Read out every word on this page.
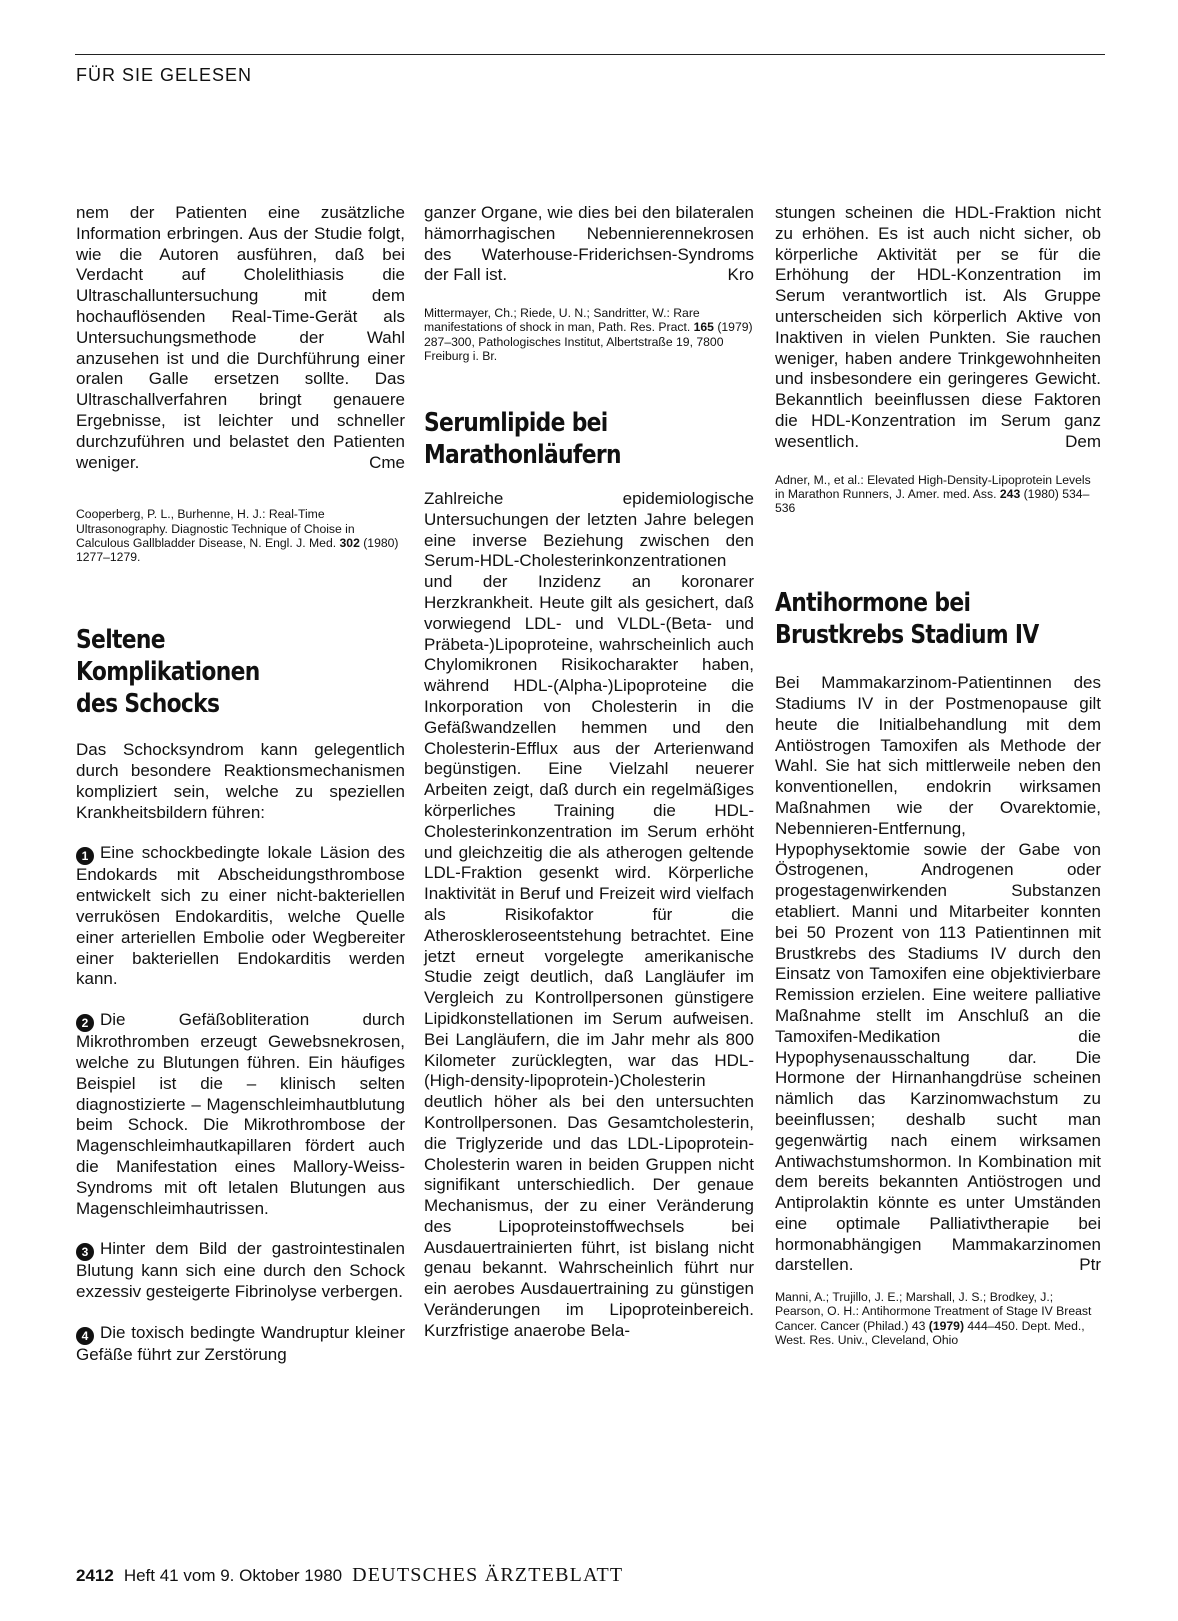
FÜR SIE GELESEN

nem der Patienten eine zusätzliche Information erbringen. Aus der Studie folgt, wie die Autoren ausführen, daß bei Verdacht auf Cholelithiasis die Ultraschalluntersuchung mit dem hochauflösenden Real-Time-Gerät als Untersuchungsmethode der Wahl anzusehen ist und die Durchführung einer oralen Galle ersetzen sollte. Das Ultraschallverfahren bringt genauere Ergebnisse, ist leichter und schneller durchzuführen und belastet den Patienten weniger.	Cme

Cooperberg, P. L., Burhenne, H. J.: Real-Time Ultrasonography. Diagnostic Technique of Choise in Calculous Gallbladder Disease, N. Engl. J. Med. 302 (1980) 1277–1279.

Seltene Komplikationen
des Schocks

Das Schocksyndrom kann gelegentlich durch besondere Reaktionsmechanismen kompliziert sein, welche zu speziellen Krankheitsbildern führen:

1 Eine schockbedingte lokale Läsion des Endokards mit Abscheidungsthrombose entwickelt sich zu einer nicht-bakteriellen verrukösen Endokarditis, welche Quelle einer arteriellen Embolie oder Wegbereiter einer bakteriellen Endokarditis werden kann.

2 Die Gefäßobliteration durch Mikrothromben erzeugt Gewebsnekrosen, welche zu Blutungen führen. Ein häufiges Beispiel ist die – klinisch selten diagnostizierte – Magenschleimhautblutung beim Schock. Die Mikrothrombose der Magenschleimhautkapillaren fördert auch die Manifestation eines Mallory-Weiss-Syndroms mit oft letalen Blutungen aus Magenschleimhautrissen.

3 Hinter dem Bild der gastrointestinalen Blutung kann sich eine durch den Schock exzessiv gesteigerte Fibrinolyse verbergen.

4 Die toxisch bedingte Wandruptur kleiner Gefäße führt zur Zerstörung

ganzer Organe, wie dies bei den bilateralen hämorrhagischen Nebennierennekrosen des Waterhouse-Friderichsen-Syndroms der Fall ist.	Kro

Mittermayer, Ch.; Riede, U. N.; Sandritter, W.: Rare manifestations of shock in man, Path. Res. Pract. 165 (1979) 287–300, Pathologisches Institut, Albertstraße 19, 7800 Freiburg i. Br.

Serumlipide bei
Marathonläufern

Zahlreiche epidemiologische Untersuchungen der letzten Jahre belegen eine inverse Beziehung zwischen den Serum-HDL-Cholesterinkonzentrationen und der Inzidenz an koronarer Herzkrankheit. Heute gilt als gesichert, daß vorwiegend LDL- und VLDL-(Beta- und Präbeta-)Lipoproteine, wahrscheinlich auch Chylomikronen Risikocharakter haben, während HDL-(Alpha-)Lipoproteine die Inkorporation von Cholesterin in die Gefäßwandzellen hemmen und den Cholesterin-Efflux aus der Arterienwand begünstigen. Eine Vielzahl neuerer Arbeiten zeigt, daß durch ein regelmäßiges körperliches Training die HDL-Cholesterinkonzentration im Serum erhöht und gleichzeitig die als atherogen geltende LDL-Fraktion gesenkt wird. Körperliche Inaktivität in Beruf und Freizeit wird vielfach als Risikofaktor für die Atheroskleroseentstehung betrachtet. Eine jetzt erneut vorgelegte amerikanische Studie zeigt deutlich, daß Langläufer im Vergleich zu Kontrollpersonen günstigere Lipidkonstellationen im Serum aufweisen. Bei Langläufern, die im Jahr mehr als 800 Kilometer zurücklegten, war das HDL-(High-density-lipoprotein-)Cholesterin deutlich höher als bei den untersuchten Kontrollpersonen. Das Gesamtcholesterin, die Triglyzeride und das LDL-Lipoprotein-Cholesterin waren in beiden Gruppen nicht signifikant unterschiedlich. Der genaue Mechanismus, der zu einer Veränderung des Lipoproteinstoffwechsels bei Ausdauertrainierten führt, ist bislang nicht genau bekannt. Wahrscheinlich führt nur ein aerobes Ausdauertraining zu günstigen Veränderungen im Lipoproteinbereich. Kurzfristige anaerobe Bela-

stungen scheinen die HDL-Fraktion nicht zu erhöhen. Es ist auch nicht sicher, ob körperliche Aktivität per se für die Erhöhung der HDL-Konzentration im Serum verantwortlich ist. Als Gruppe unterscheiden sich körperlich Aktive von Inaktiven in vielen Punkten. Sie rauchen weniger, haben andere Trinkgewohnheiten und insbesondere ein geringeres Gewicht. Bekanntlich beeinflussen diese Faktoren die HDL-Konzentration im Serum ganz wesentlich.	Dem

Adner, M., et al.: Elevated High-Density-Lipoprotein Levels in Marathon Runners, J. Amer. med. Ass. 243 (1980) 534–536

Antihormone bei
Brustkrebs Stadium IV

Bei Mammakarzinom-Patientinnen des Stadiums IV in der Postmenopause gilt heute die Initialbehandlung mit dem Antiöstrogen Tamoxifen als Methode der Wahl. Sie hat sich mittlerweile neben den konventionellen, endokrin wirksamen Maßnahmen wie der Ovarektomie, Nebennieren-Entfernung, Hypophysektomie sowie der Gabe von Östrogenen, Androgenen oder progestagenwirkenden Substanzen etabliert. Manni und Mitarbeiter konnten bei 50 Prozent von 113 Patientinnen mit Brustkrebs des Stadiums IV durch den Einsatz von Tamoxifen eine objektivierbare Remission erzielen. Eine weitere palliative Maßnahme stellt im Anschluß an die Tamoxifen-Medikation die Hypophysenausschaltung dar. Die Hormone der Hirnanhangdrüse scheinen nämlich das Karzinomwachstum zu beeinflussen; deshalb sucht man gegenwärtig nach einem wirksamen Antiwachstumshormon. In Kombination mit dem bereits bekannten Antiöstrogen und Antiprolaktin könnte es unter Umständen eine optimale Palliativtherapie bei hormonabhängigen Mammakarzinomen darstellen.	Ptr

Manni, A.; Trujillo, J. E.; Marshall, J. S.; Brodkey, J.; Pearson, O. H.: Antihormone Treatment of Stage IV Breast Cancer. Cancer (Philad.) 43 (1979) 444–450. Dept. Med., West. Res. Univ., Cleveland, Ohio

2412 Heft 41 vom 9. Oktober 1980 DEUTSCHES ÄRZTEBLATT
